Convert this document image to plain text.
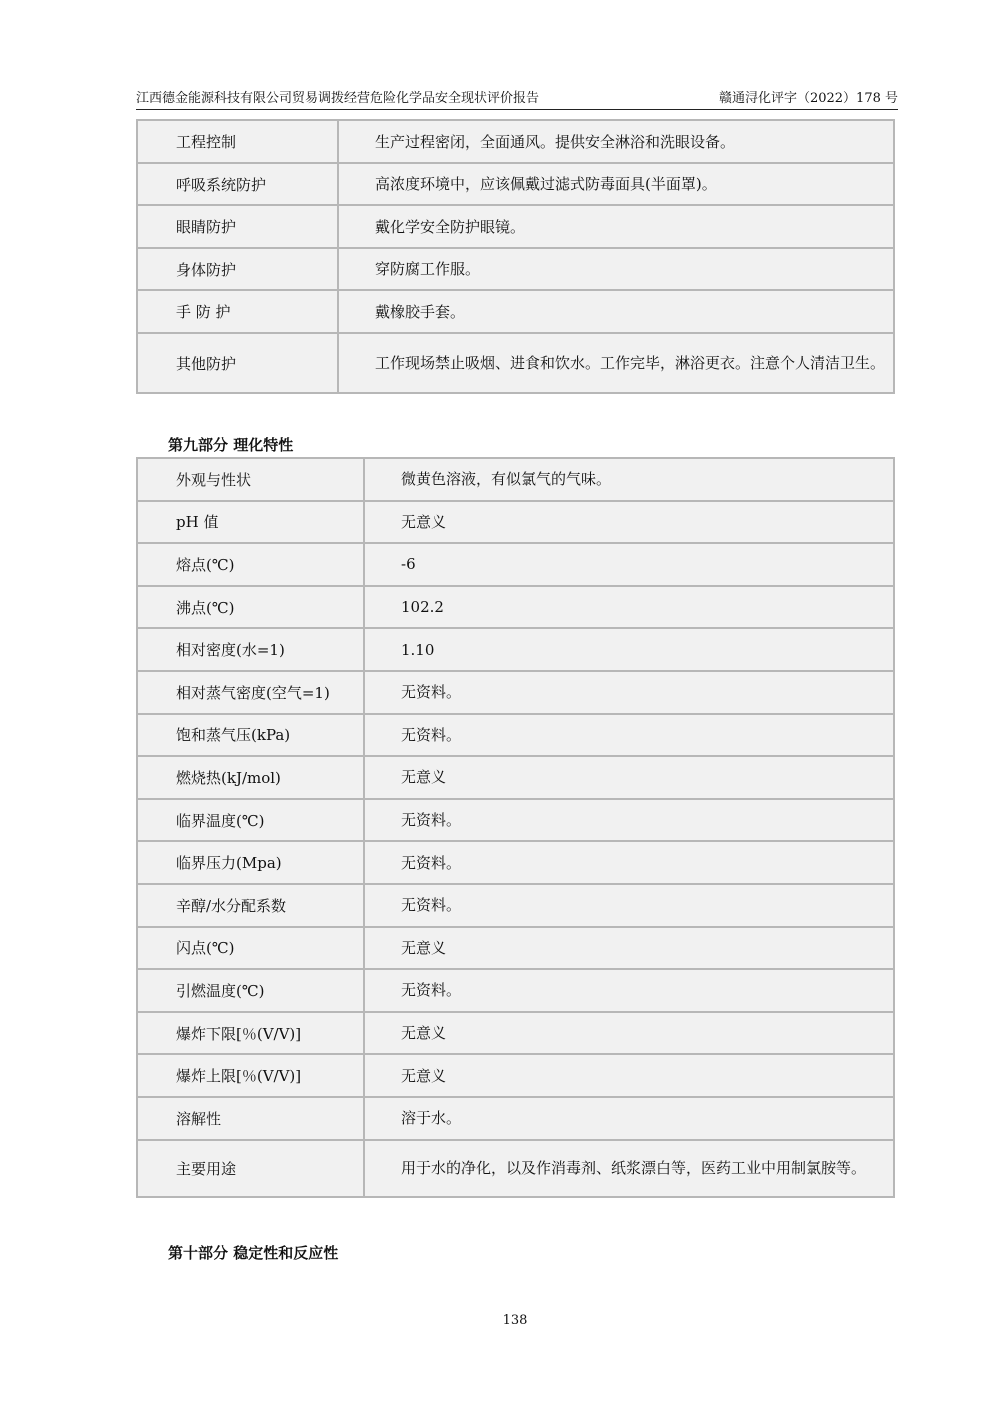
江西德金能源科技有限公司贸易调拨经营危险化学品安全现状评价报告	赣通浔化评字（2022）178 号
工程控制	生产过程密闭，全面通风。提供安全淋浴和洗眼设备。

呼吸系统防护	高浓度环境中，应该佩戴过滤式防毒面具(半面罩)。

眼睛防护	戴化学安全防护眼镜。

身体防护	穿防腐工作服。

手 防 护	戴橡胶手套。

其他防护	工作现场禁止吸烟、进食和饮水。工作完毕，淋浴更衣。注意个人清洁卫生。
第九部分 理化特性
外观与性状	微黄色溶液，有似氯气的气味。

pH 值	无意义

熔点(℃)	-6

沸点(℃)	102.2

相对密度(水=1)	1.10

相对蒸气密度(空气=1)	无资料。

饱和蒸气压(kPa)	无资料。

燃烧热(kJ/mol)	无意义

临界温度(℃)	无资料。

临界压力(Mpa)	无资料。

辛醇/水分配系数	无资料。

闪点(℃)	无意义

引燃温度(℃)	无资料。

爆炸下限[％(V/V)]	无意义

爆炸上限[％(V/V)]	无意义

溶解性	溶于水。

主要用途	用于水的净化，以及作消毒剂、纸浆漂白等，医药工业中用制氯胺等。
第十部分 稳定性和反应性
138
